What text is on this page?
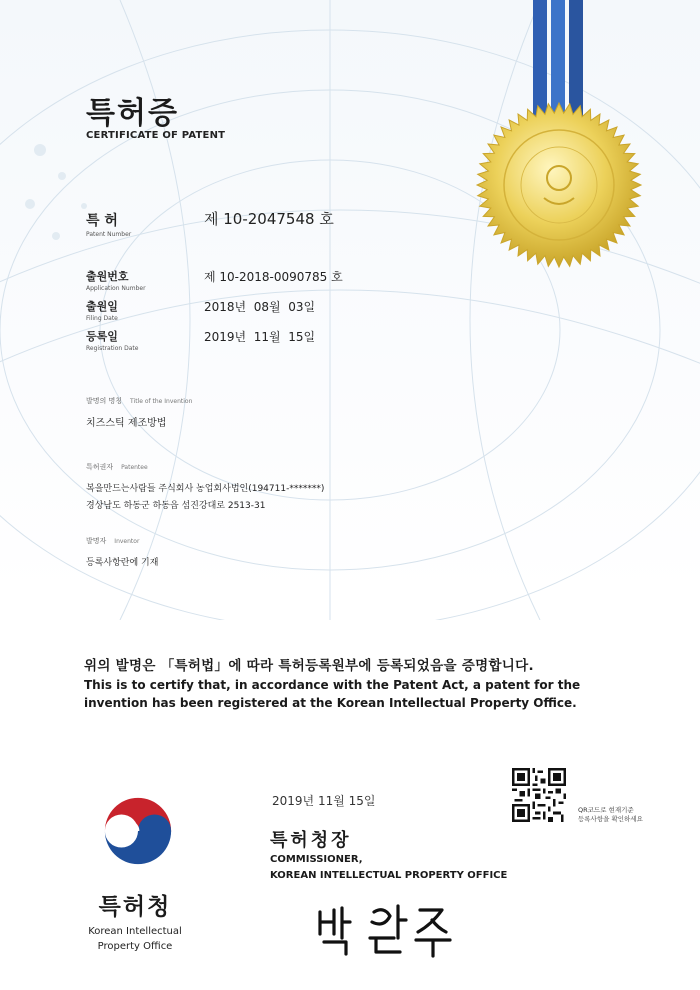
특허증
CERTIFICATE OF PATENT
특 허
Patent Number
제 10-2047548 호
출원번호
Application Number
제 10-2018-0090785 호
출원일
Filing Date
2018년  08월  03일
등록일
Registration Date
2019년  11월  15일
발명의 명칭 Title of the Invention
치즈스틱 제조방법
특허권자 Patentee
복을만드는사람들 주식회사 농업회사법인(194711-*******)
경상남도 하동군 하동읍 섬진강대로 2513-31
발명자 Inventor
등록사항란에 기재
위의 발명은 「특허법」에 따라 특허등록원부에 등록되었음을 증명합니다.
This is to certify that, in accordance with the Patent Act, a patent for the invention has been registered at the Korean Intellectual Property Office.
2019년 11월 15일
QR코드로 현재기준
등록사항을 확인하세요
특허청장
COMMISSIONER,
KOREAN INTELLECTUAL PROPERTY OFFICE
특허청
Korean Intellectual
Property Office
